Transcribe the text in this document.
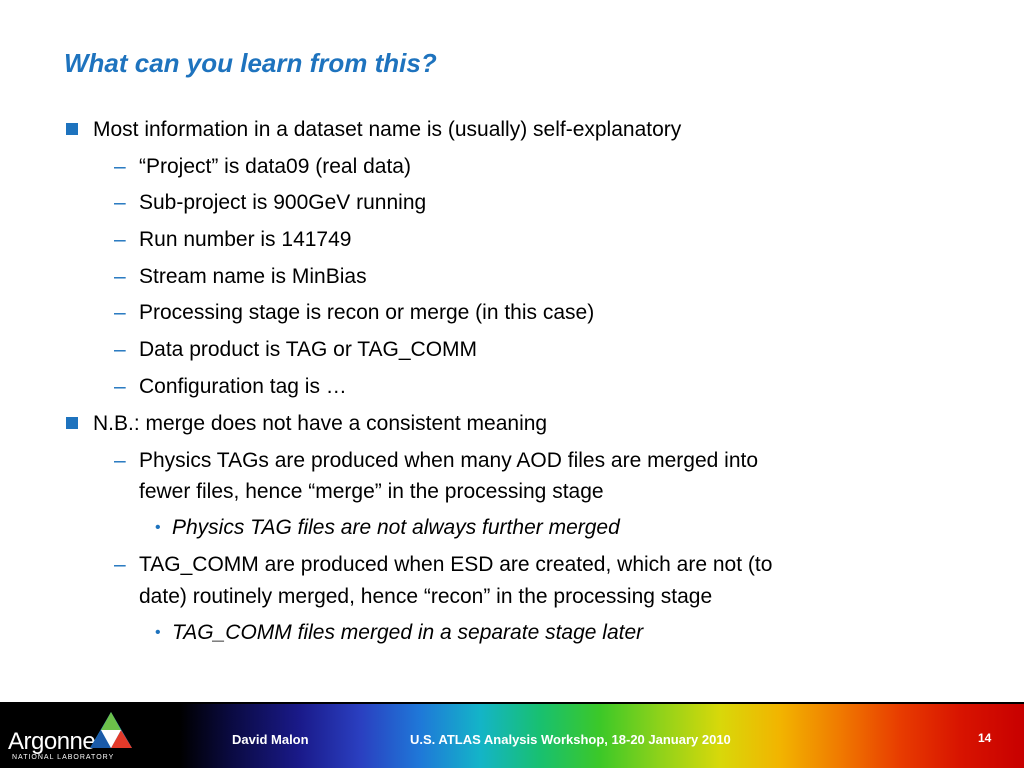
What can you learn from this?
Most information in a dataset name is (usually) self-explanatory
– “Project” is data09 (real data)
– Sub-project is 900GeV running
– Run number is 141749
– Stream name is MinBias
– Processing stage is recon or merge (in this case)
– Data product is TAG or TAG_COMM
– Configuration tag is …
N.B.: merge does not have a consistent meaning
– Physics TAGs are produced when many AOD files are merged into
fewer files, hence “merge” in the processing stage
• Physics TAG files are not always further merged
– TAG_COMM are produced when ESD are created, which are not (to
date) routinely merged, hence “recon” in the processing stage
• TAG_COMM files merged in a separate stage later
Argonne
NATIONAL LABORATORY
David Malon	U.S. ATLAS Analysis Workshop, 18-20 January 2010	14
